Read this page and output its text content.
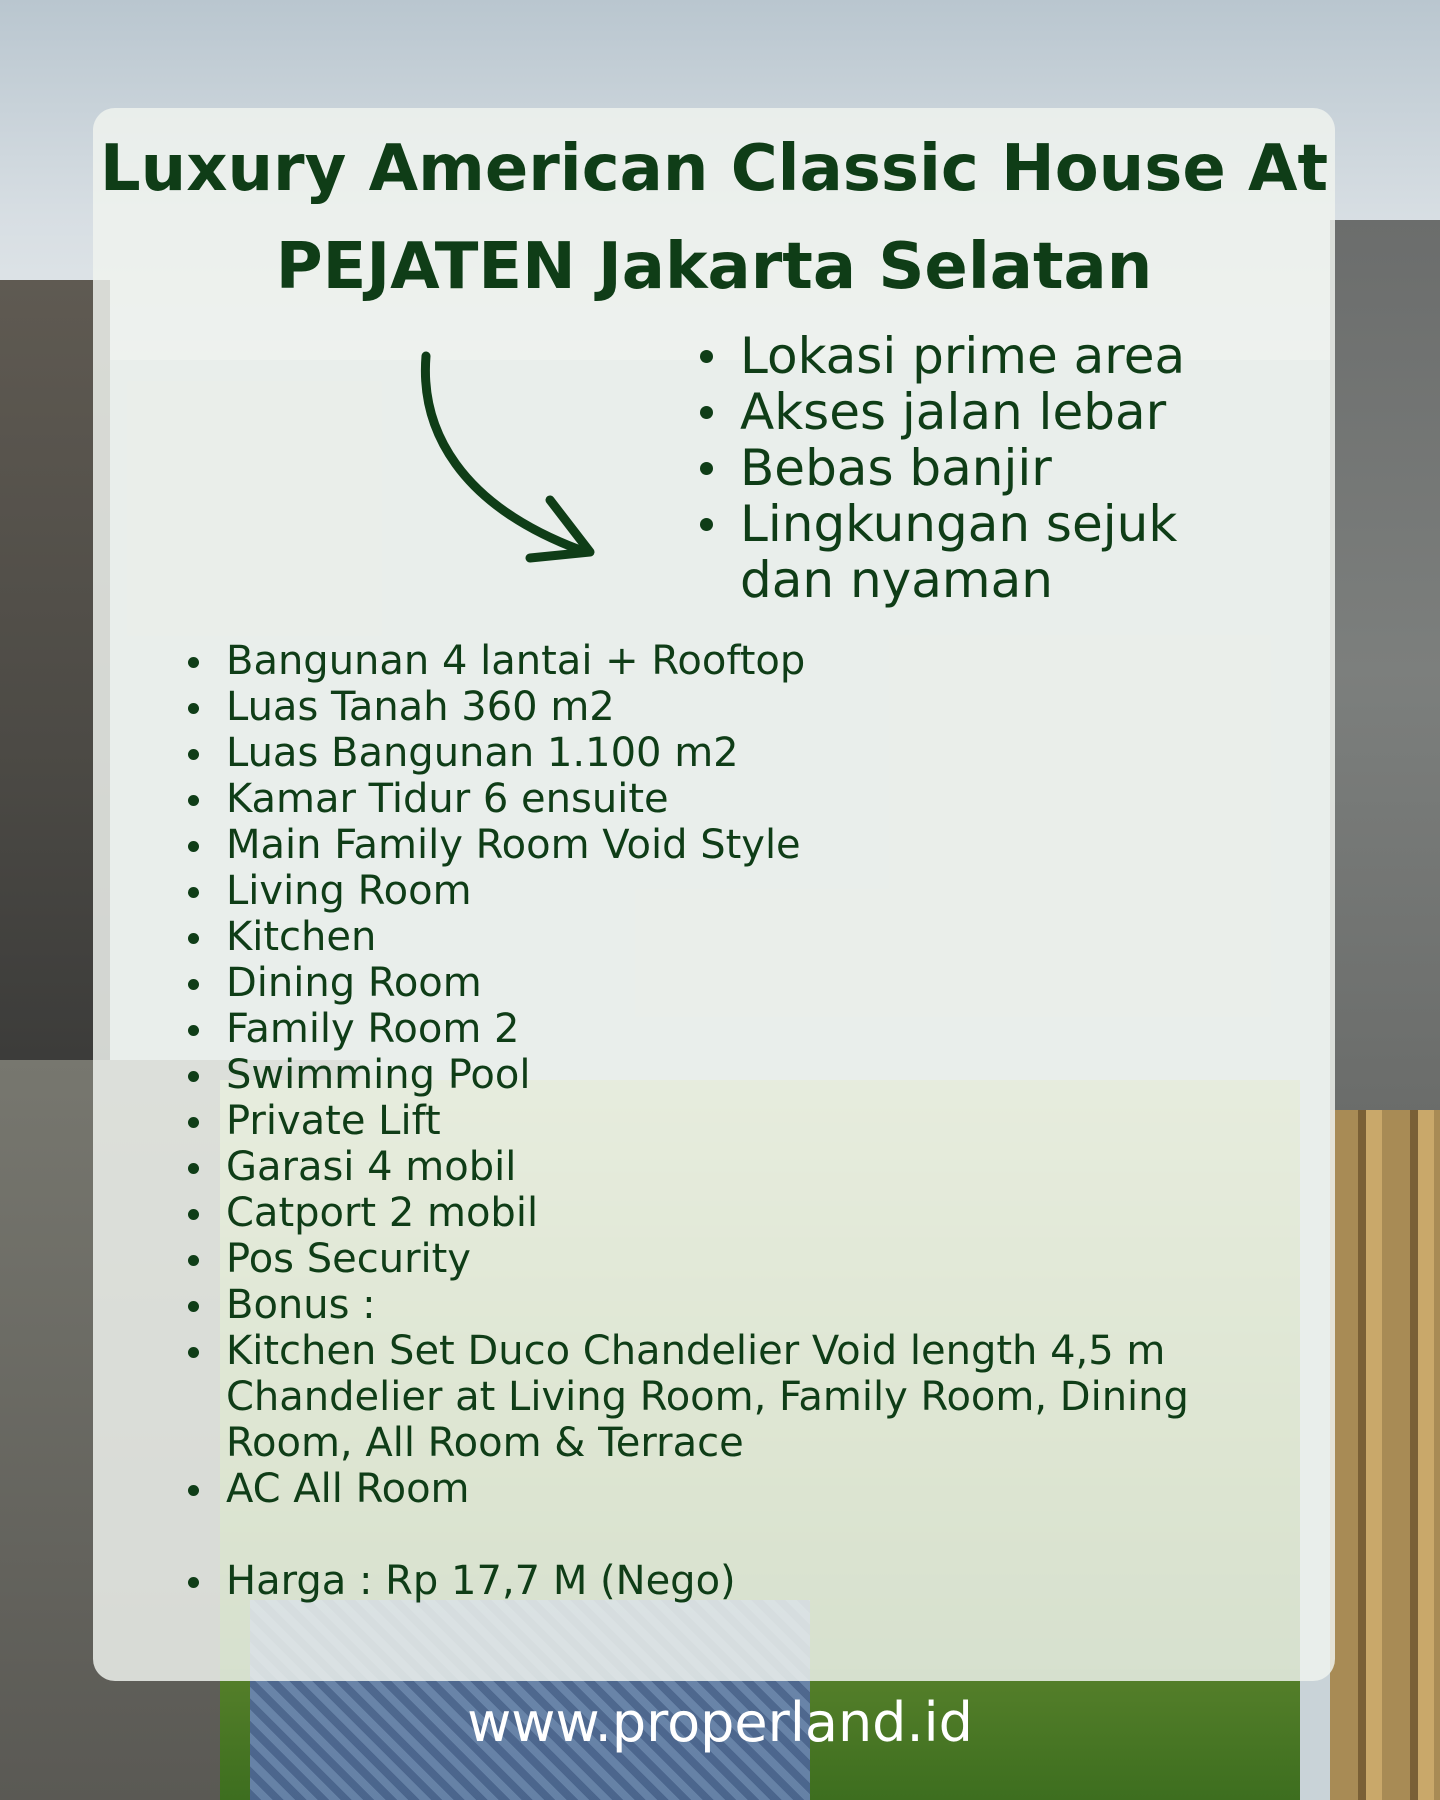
Luxury American Classic House At
PEJATEN Jakarta Selatan
Lokasi prime area
Akses jalan lebar
Bebas banjir
Lingkungan sejuk dan nyaman
Bangunan 4 lantai + Rooftop
Luas Tanah 360 m2
Luas Bangunan 1.100 m2
Kamar Tidur 6 ensuite
Main Family Room Void Style
Living Room
Kitchen
Dining Room
Family Room 2
Swimming Pool
Private Lift
Garasi 4 mobil
Catport 2 mobil
Pos Security
Bonus :
Kitchen Set Duco Chandelier Void length 4,5 m Chandelier at Living Room, Family Room, Dining Room, All Room & Terrace
AC All Room
Harga : Rp 17,7 M (Nego)
www.properland.id
